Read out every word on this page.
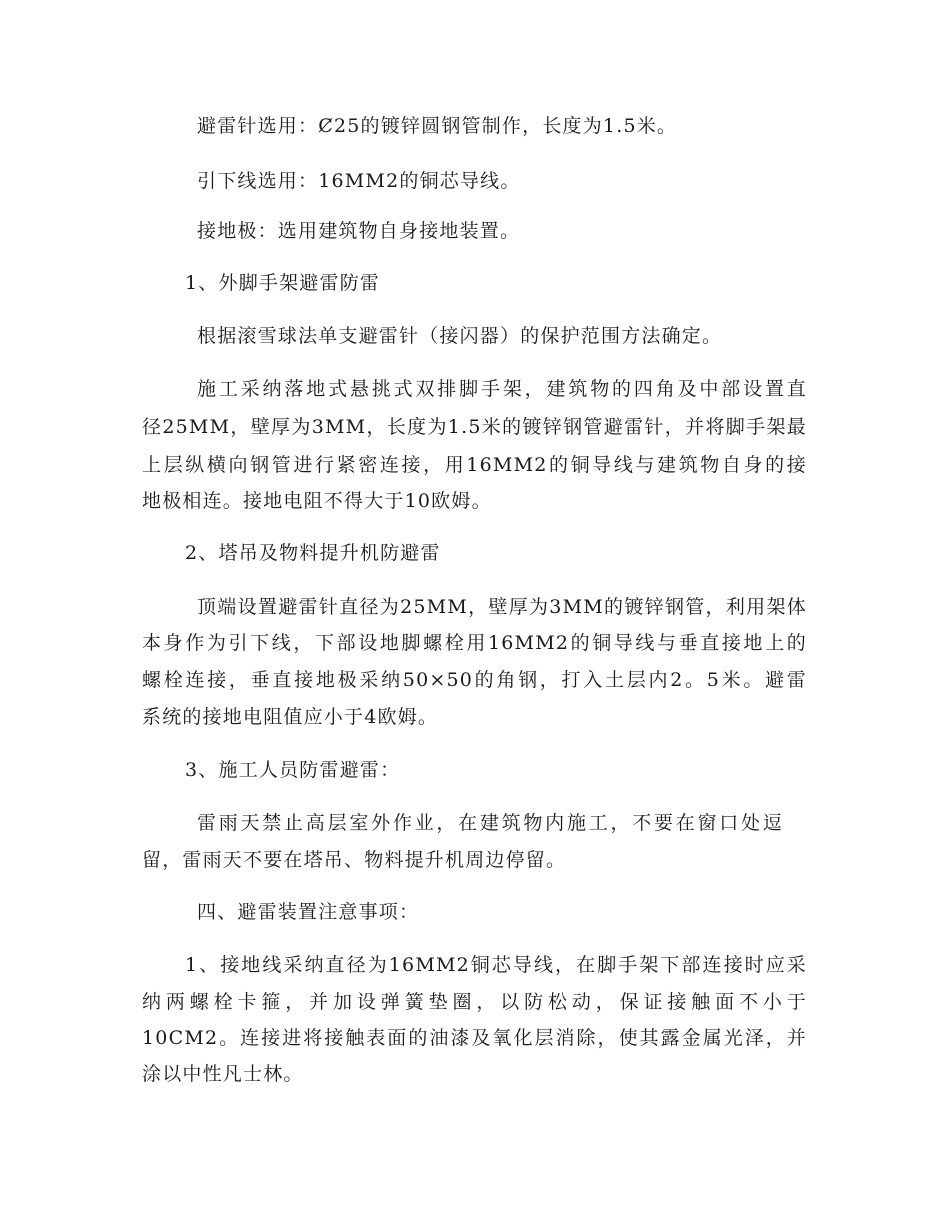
避雷针选用：Ȼ25的镀锌圆钢管制作，长度为1.5米。
引下线选用：16MM2的铜芯导线。
接地极：选用建筑物自身接地装置。
1、外脚手架避雷防雷
根据滚雪球法单支避雷针（接闪器）的保护范围方法确定。
施工采纳落地式悬挑式双排脚手架，建筑物的四角及中部设置直
径25MM，壁厚为3MM，长度为1.5米的镀锌钢管避雷针，并将脚手架最
上层纵横向钢管进行紧密连接，用16MM2的铜导线与建筑物自身的接
地极相连。接地电阻不得大于10欧姆。
2、塔吊及物料提升机防避雷
顶端设置避雷针直径为25MM，壁厚为3MM的镀锌钢管，利用架体
本身作为引下线，下部设地脚螺栓用16MM2的铜导线与垂直接地上的
螺栓连接，垂直接地极采纳50×50的角钢，打入土层内2。5米。避雷
系统的接地电阻值应小于4欧姆。
3、施工人员防雷避雷：
雷雨天禁止高层室外作业，在建筑物内施工，不要在窗口处逗
留，雷雨天不要在塔吊、物料提升机周边停留。
四、避雷装置注意事项：
1、接地线采纳直径为16MM2铜芯导线，在脚手架下部连接时应采
纳两螺栓卡箍，并加设弹簧垫圈，以防松动，保证接触面不小于
10CM2。连接进将接触表面的油漆及氧化层消除，使其露金属光泽，并
涂以中性凡士林。
